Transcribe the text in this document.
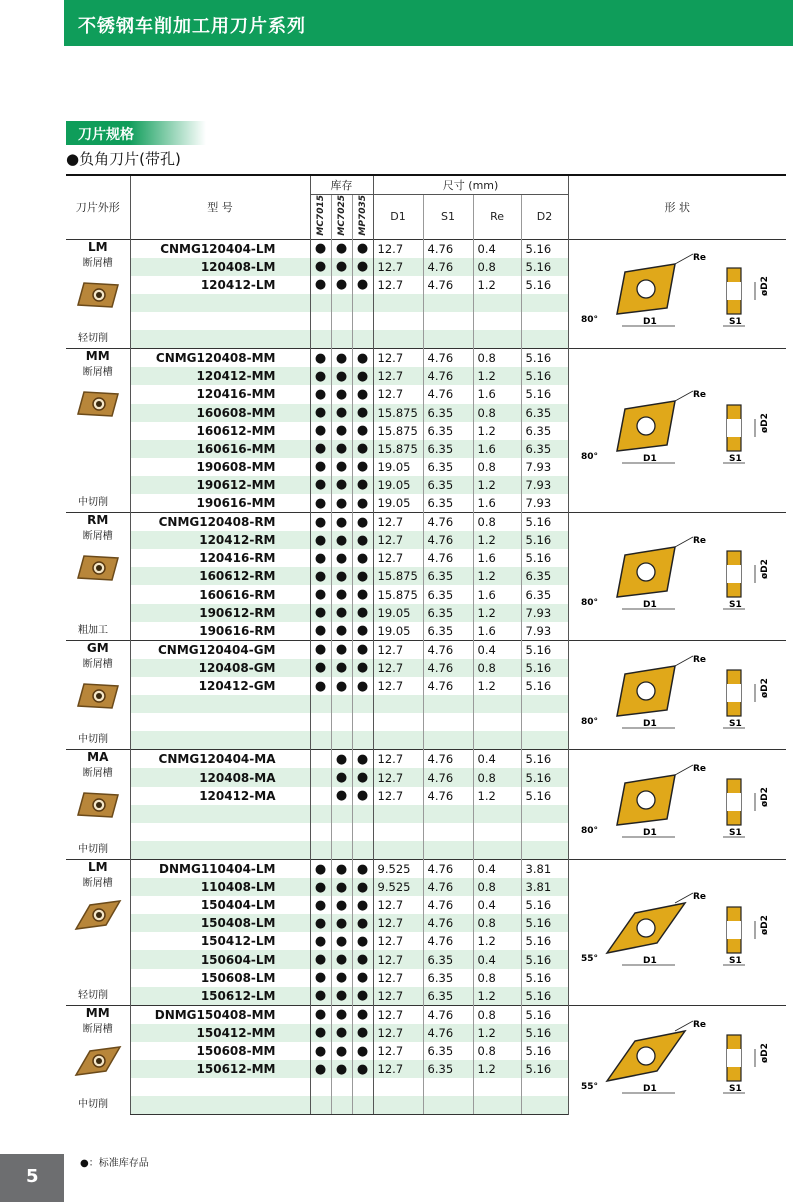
不锈钢车削加工用刀片系列
刀片规格
●负角刀片(带孔)
刀片外形	型 号	库存			尺寸 (mm)				形 状
		MC7015	MC7025	MP7035	D1	S1	Re	D2	

LM
断屑槽
轻切削	CNMG120404-LM	●	●	●	12.7	4.76	0.4	5.16	Re
D1 S1
80°
øD2

	120408-LM	●	●	●	12.7	4.76	0.8	5.16	
	120412-LM	●	●	●	12.7	4.76	1.2	5.16	

MM
断屑槽
中切削	CNMG120408-MM	●	●	●	12.7	4.76	0.8	5.16	Re
D1 S1
80°
øD2

	120412-MM	●	●	●	12.7	4.76	1.2	5.16	
	120416-MM	●	●	●	12.7	4.76	1.6	5.16	
	160608-MM	●	●	●	15.875	6.35	0.8	6.35	
	160612-MM	●	●	●	15.875	6.35	1.2	6.35	
	160616-MM	●	●	●	15.875	6.35	1.6	6.35	
	190608-MM	●	●	●	19.05	6.35	0.8	7.93	
	190612-MM	●	●	●	19.05	6.35	1.2	7.93	
	190616-MM	●	●	●	19.05	6.35	1.6	7.93	

RM
断屑槽
粗加工	CNMG120408-RM	●	●	●	12.7	4.76	0.8	5.16	Re
D1 S1
80°
øD2

	120412-RM	●	●	●	12.7	4.76	1.2	5.16	
	120416-RM	●	●	●	12.7	4.76	1.6	5.16	
	160612-RM	●	●	●	15.875	6.35	1.2	6.35	
	160616-RM	●	●	●	15.875	6.35	1.6	6.35	
	190612-RM	●	●	●	19.05	6.35	1.2	7.93	
	190616-RM	●	●	●	19.05	6.35	1.6	7.93	

GM
断屑槽
中切削	CNMG120404-GM	●	●	●	12.7	4.76	0.4	5.16	Re
D1 S1
80°
øD2

	120408-GM	●	●	●	12.7	4.76	0.8	5.16	
	120412-GM	●	●	●	12.7	4.76	1.2	5.16	

MA
断屑槽
中切削	CNMG120404-MA		●	●	12.7	4.76	0.4	5.16	Re
D1 S1
80°
øD2

	120408-MA		●	●	12.7	4.76	0.8	5.16	
	120412-MA		●	●	12.7	4.76	1.2	5.16	

LM
断屑槽
轻切削	DNMG110404-LM	●	●	●	9.525	4.76	0.4	3.81	Re
D1 S1
55°
øD2

	110408-LM	●	●	●	9.525	4.76	0.8	3.81	
	150404-LM	●	●	●	12.7	4.76	0.4	5.16	
	150408-LM	●	●	●	12.7	4.76	0.8	5.16	
	150412-LM	●	●	●	12.7	4.76	1.2	5.16	
	150604-LM	●	●	●	12.7	6.35	0.4	5.16	
	150608-LM	●	●	●	12.7	6.35	0.8	5.16	
	150612-LM	●	●	●	12.7	6.35	1.2	5.16	

MM
断屑槽
中切削	DNMG150408-MM	●	●	●	12.7	4.76	0.8	5.16	Re
D1 S1
55°
øD2

	150412-MM	●	●	●	12.7	4.76	1.2	5.16	
	150608-MM	●	●	●	12.7	6.35	0.8	5.16	
	150612-MM	●	●	●	12.7	6.35	1.2	5.16	

●：标准库存品
5
